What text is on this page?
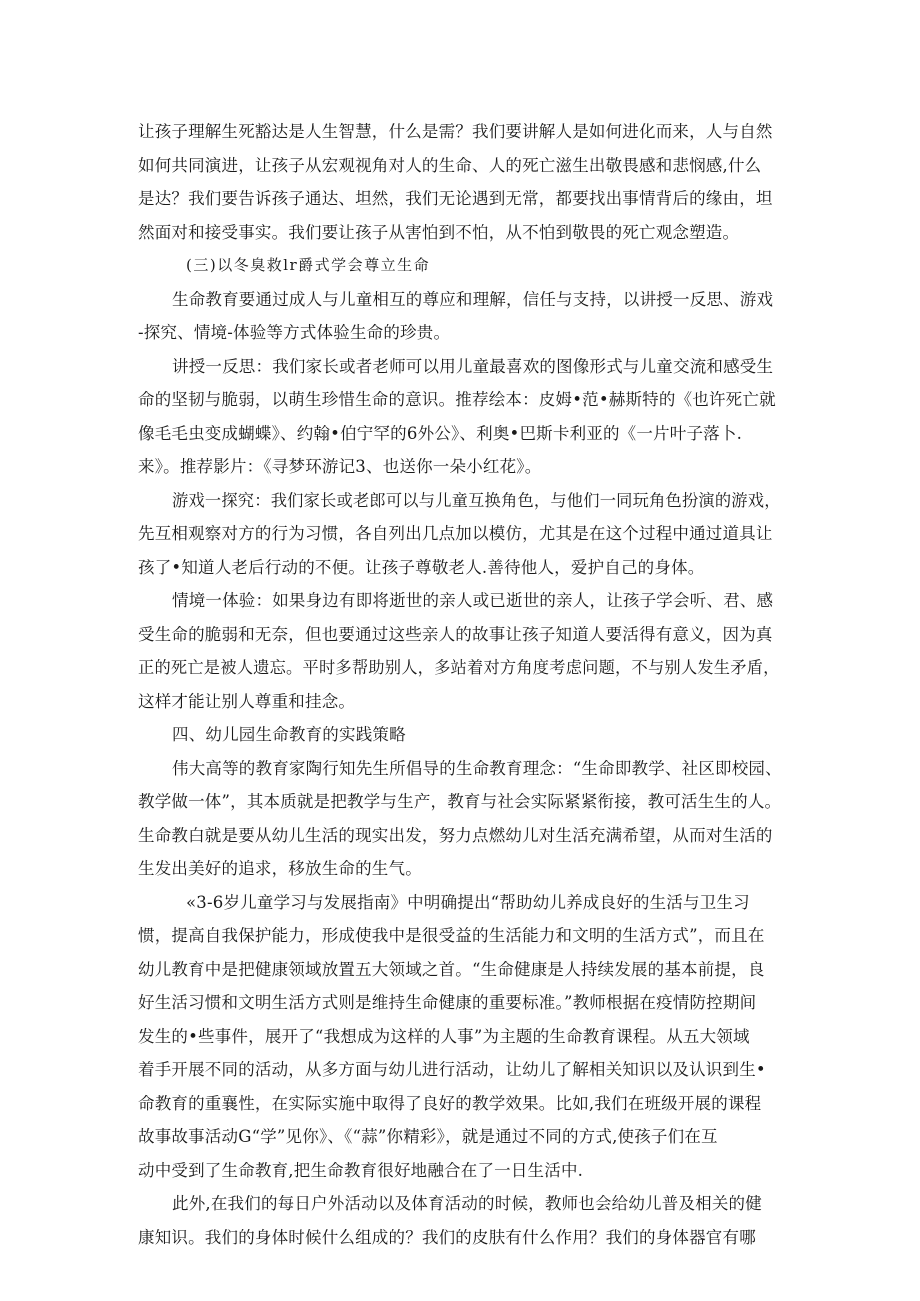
让孩子理解生死豁达是人生智慧，什么是需？我们要讲解人是如何进化而来，人与自然
如何共同演进，让孩子从宏观视角对人的生命、人的死亡滋生出敬畏感和悲悯感,什么
是达？我们要告诉孩子通达、坦然，我们无论遇到无常，都要找出事情背后的缘由，坦
然面对和接受事实。我们要让孩子从害怕到不怕，从不怕到敬畏的死亡观念塑造。
(三)以冬臭救lr爵式学会尊立生命
生命教育要通过成人与儿童相互的尊应和理解，信任与支持，以讲授一反思、游戏
-探究、情境-体验等方式体验生命的珍贵。
讲授一反思：我们家长或者老师可以用儿童最喜欢的图像形式与儿童交流和感受生
命的坚韧与脆弱，以萌生珍惜生命的意识。推荐绘本：皮姆•范•赫斯特的《也许死亡就
像毛毛虫变成蝴蝶》、约翰•伯宁罕的6外公》、利奥•巴斯卡利亚的《一片叶子落卜.
来》。推荐影片：《寻梦环游记3、也送你一朵小红花》。
游戏一探究：我们家长或老郎可以与儿童互换角色，与他们一同玩角色扮演的游戏，
先互相观察对方的行为习惯，各自列出几点加以模仿，尤其是在这个过程中通过道具让
孩了•知道人老后行动的不便。让孩子尊敬老人.善待他人，爱护自己的身体。
情境一体验：如果身边有即将逝世的亲人或已逝世的亲人，让孩子学会听、君、感
受生命的脆弱和无奈，但也要通过这些亲人的故事让孩子知道人要活得有意义，因为真
正的死亡是被人遗忘。平时多帮助别人，多站着对方角度考虑问题，不与别人发生矛盾，
这样才能让别人尊重和挂念。
四、幼儿园生命教育的实践策略
伟大高等的教育家陶行知先生所倡导的生命教育理念：“生命即教学、社区即校园、
教学做一体”，其本质就是把教学与生产，教育与社会实际紧紧衔接，教可活生生的人。
生命教白就是要从幼儿生活的现实出发，努力点燃幼儿对生活充满希望，从而对生活的
生发出美好的追求，移放生命的生气。
«3-6岁儿童学习与发展指南》中明确提出“帮助幼儿养成良好的生活与卫生习
惯，提高自我保护能力，形成使我中是很受益的生活能力和文明的生活方式”，而且在
幼儿教育中是把健康领域放置五大领域之首。“生命健康是人持续发展的基本前提，良
好生活习惯和文明生活方式则是维持生命健康的重要标准。”教师根据在疫情防控期间
发生的•些事件，展开了“我想成为这样的人事”为主题的生命教育课程。从五大领域
着手开展不同的活动，从多方面与幼儿进行活动，让幼儿了解相关知识以及认识到生•
命教育的重襄性，在实际实施中取得了良好的教学效果。比如,我们在班级开展的课程
故事故事活动G“学”见你》、《“蒜”你精彩》，就是通过不同的方式,使孩子们在互
动中受到了生命教育,把生命教育很好地融合在了一日生活中.
此外,在我们的每日户外活动以及体育活动的时候，教师也会给幼儿普及相关的健
康知识。我们的身体时候什么组成的？我们的皮肤有什么作用？我们的身体器官有哪
